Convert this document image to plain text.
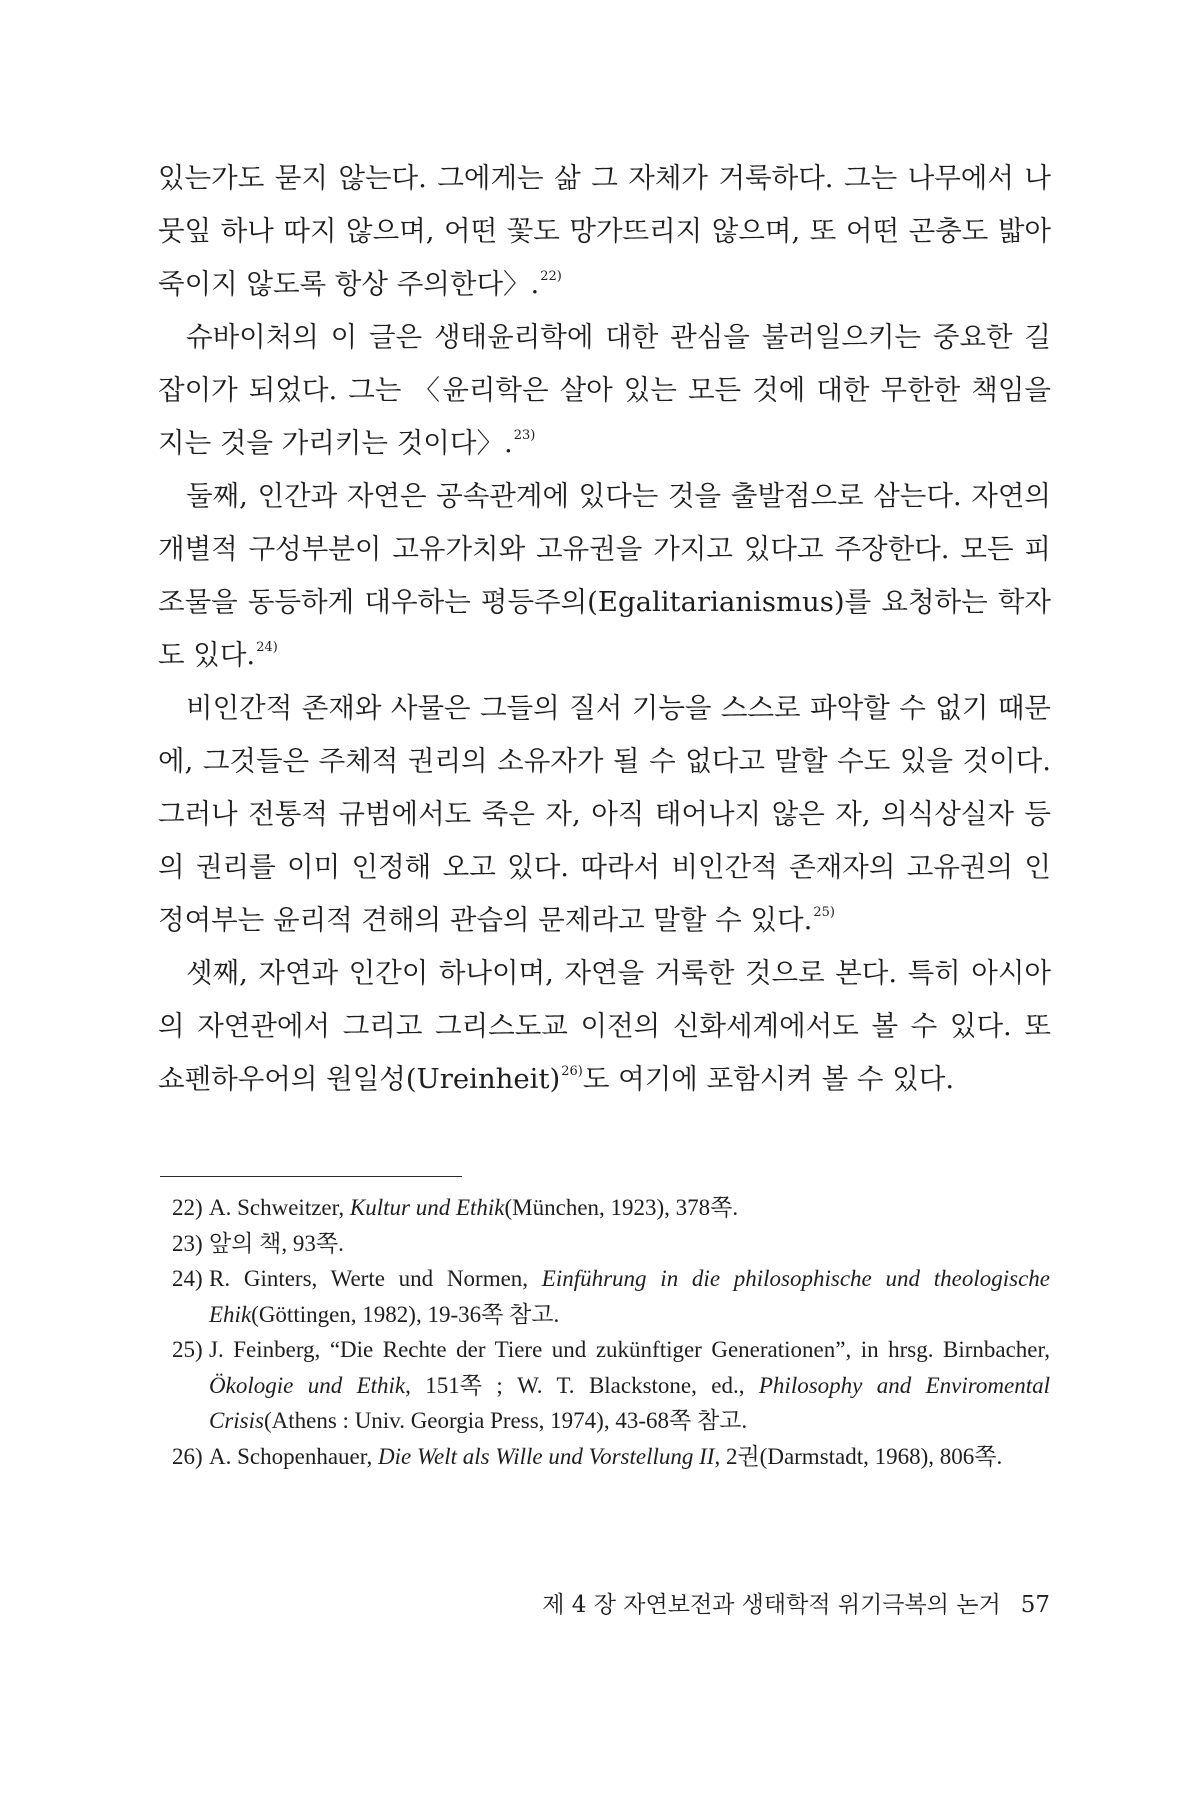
있는가도 묻지 않는다. 그에게는 삶 그 자체가 거룩하다. 그는 나무에서 나뭇잎 하나 따지 않으며, 어떤 꽃도 망가뜨리지 않으며, 또 어떤 곤충도 밟아 죽이지 않도록 항상 주의한다〉.$^{22)}$

슈바이처의 이 글은 생태윤리학에 대한 관심을 불러일으키는 중요한 길잡이가 되었다. 그는 〈윤리학은 살아 있는 모든 것에 대한 무한한 책임을 지는 것을 가리키는 것이다〉.$^{23)}$

둘째, 인간과 자연은 공속관계에 있다는 것을 출발점으로 삼는다. 자연의 개별적 구성부분이 고유가치와 고유권을 가지고 있다고 주장한다. 모든 피조물을 동등하게 대우하는 평등주의(Egalitarianismus)를 요청하는 학자도 있다.$^{24)}$

비인간적 존재와 사물은 그들의 질서 기능을 스스로 파악할 수 없기 때문에, 그것들은 주체적 권리의 소유자가 될 수 없다고 말할 수도 있을 것이다. 그러나 전통적 규범에서도 죽은 자, 아직 태어나지 않은 자, 의식상실자 등의 권리를 이미 인정해 오고 있다. 따라서 비인간적 존재자의 고유권의 인정여부는 윤리적 견해의 관습의 문제라고 말할 수 있다.$^{25)}$

셋째, 자연과 인간이 하나이며, 자연을 거룩한 것으로 본다. 특히 아시아의 자연관에서 그리고 그리스도교 이전의 신화세계에서도 볼 수 있다. 또 쇼펜하우어의 원일성(Ureinheit)$^{26)}$도 여기에 포함시켜 볼 수 있다.

22) A. Schweitzer, Kultur und Ethik(München, 1923), 378쪽.
23) 앞의 책, 93쪽.
24) R. Ginters, Werte und Normen, Einführung in die philosophische und theologische Ehik(Göttingen, 1982), 19-36쪽 참고.
25) J. Feinberg, “Die Rechte der Tiere und zukünftiger Generationen”, in hrsg. Birnbacher, Ökologie und Ethik, 151쪽 ; W. T. Blackstone, ed., Philosophy and Enviromental Crisis(Athens : Univ. Georgia Press, 1974), 43-68쪽 참고.
26) A. Schopenhauer, Die Welt als Wille und Vorstellung II, 2권(Darmstadt, 1968), 806쪽.
제 4 장 자연보전과 생태학적 위기극복의 논거 57
